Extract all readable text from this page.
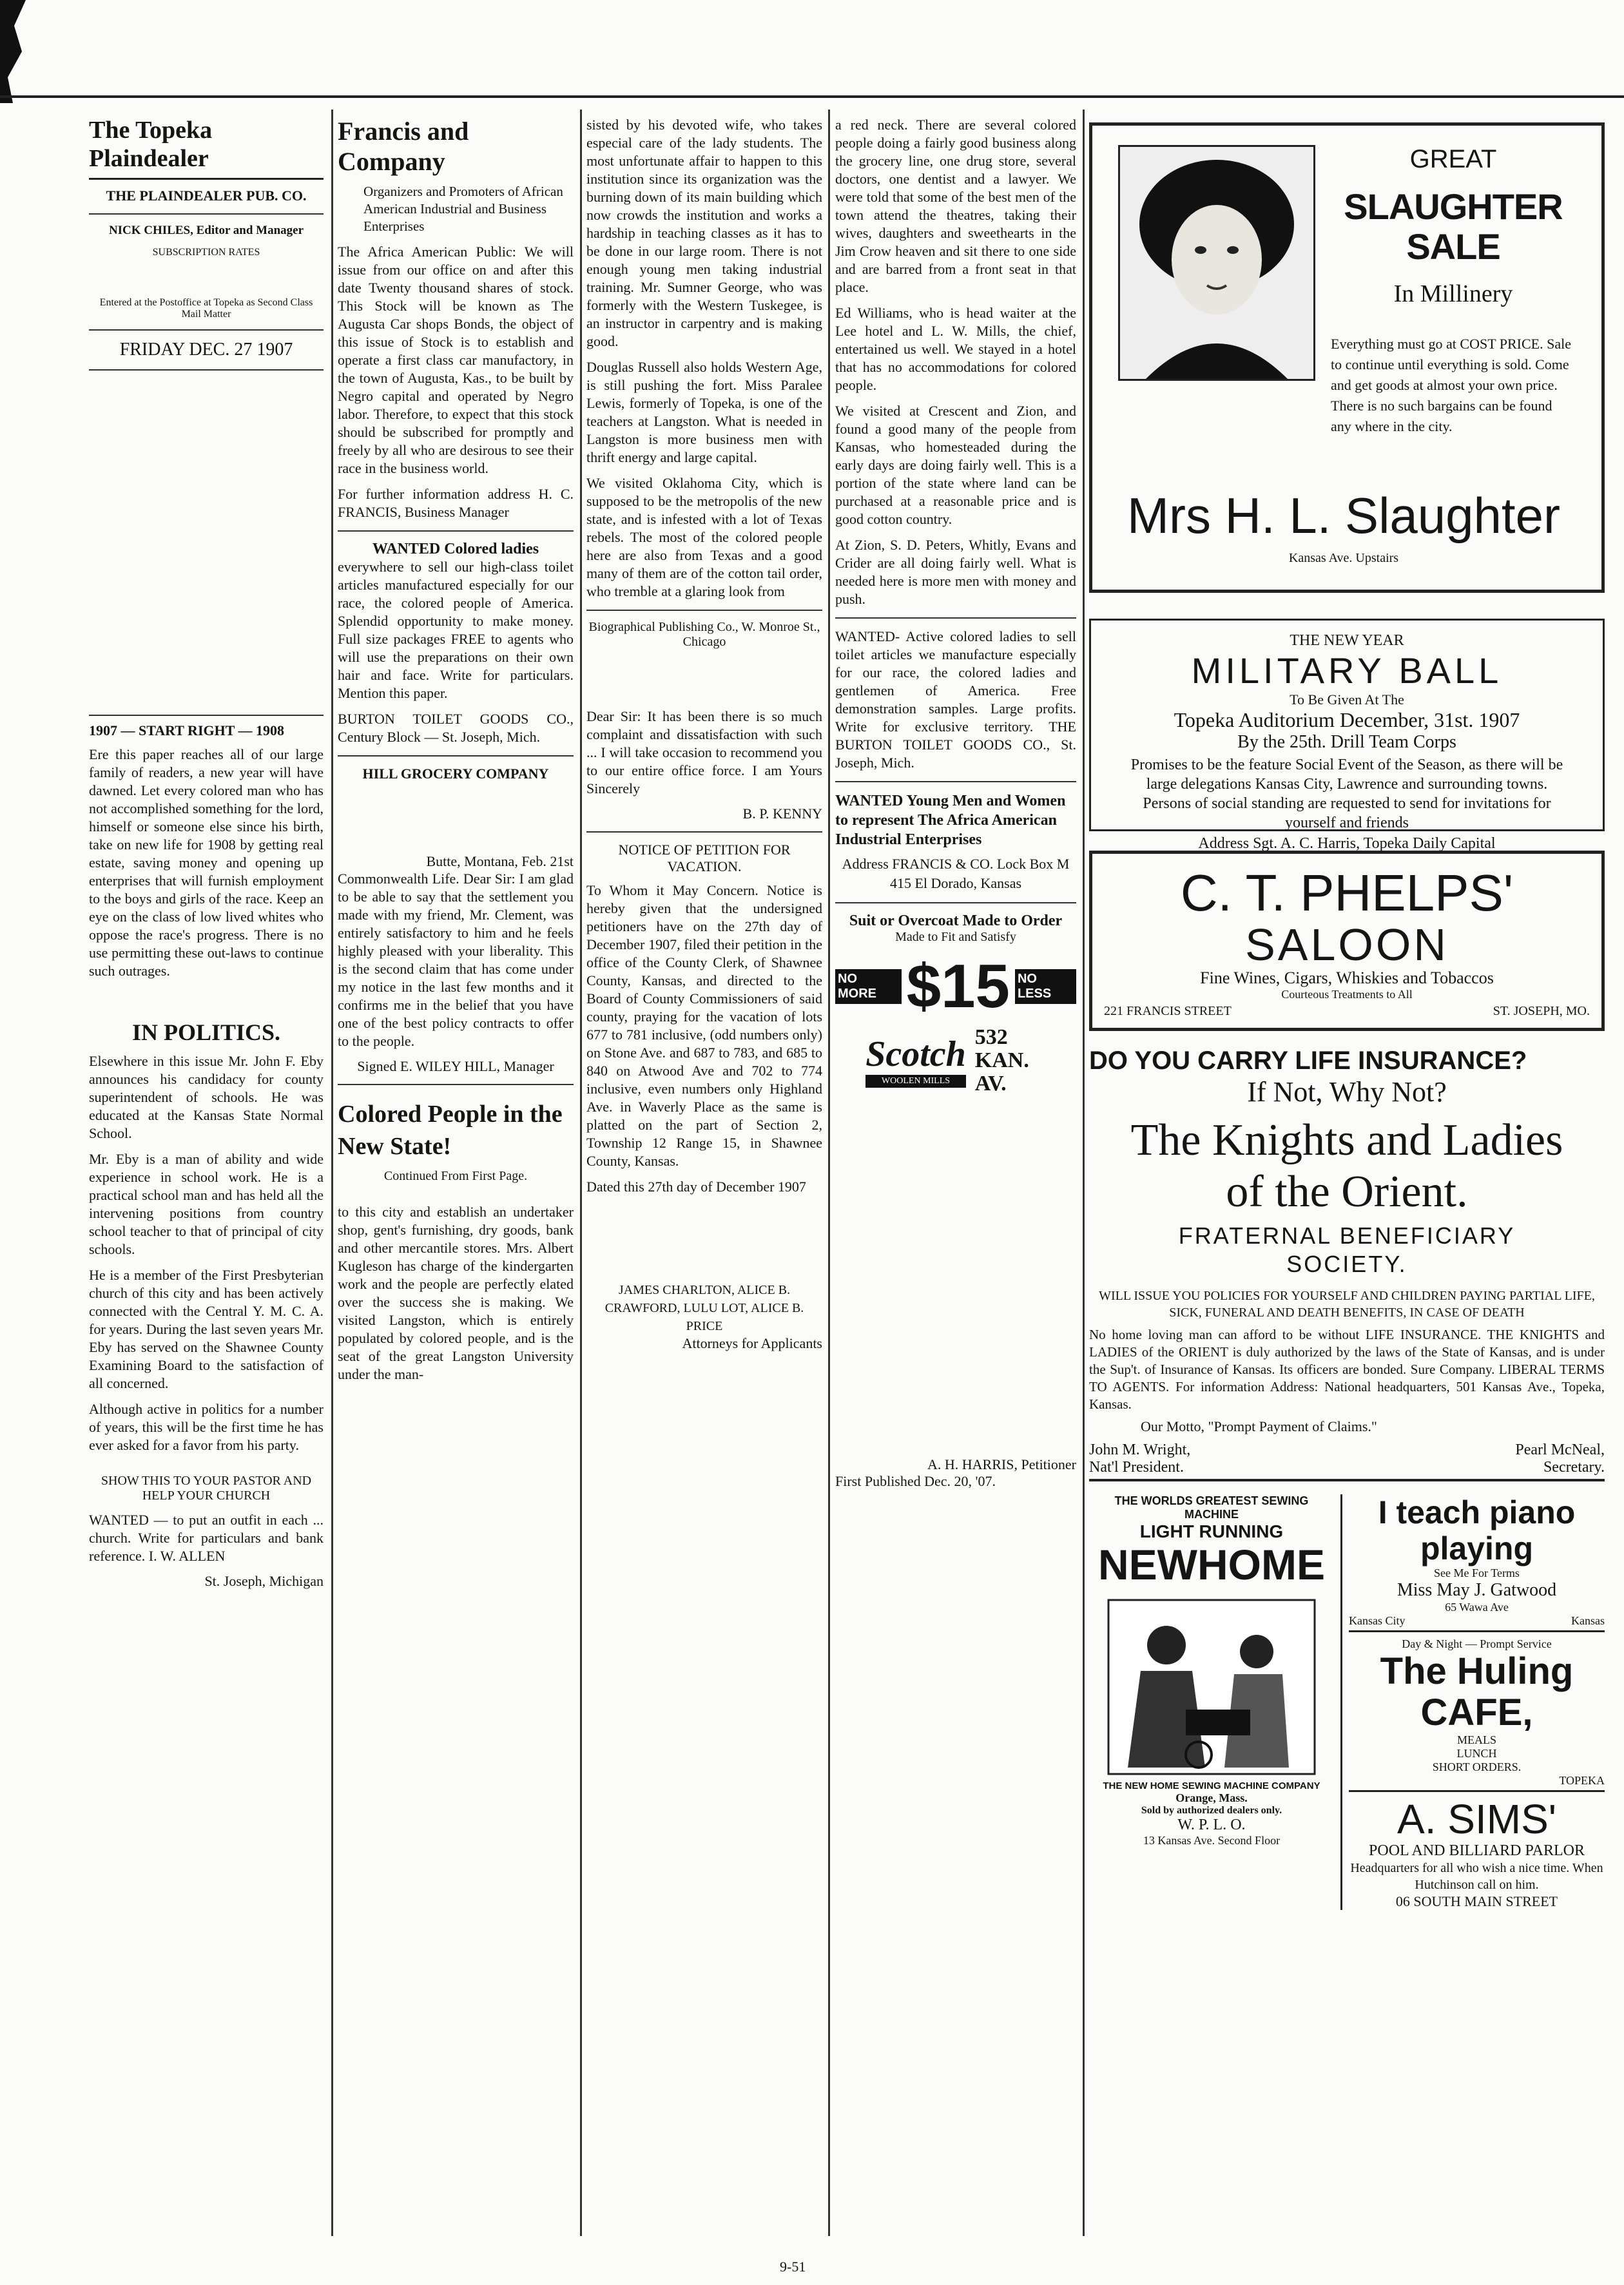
The Topeka Plaindealer
THE PLAINDEALER PUB. CO.
NICK CHILES, Editor and Manager
SUBSCRIPTION RATES
Entered at the Postoffice at Topeka as Second Class Mail Matter
FRIDAY DEC. 27 1907
1907 — START RIGHT — 1908

Ere this paper reaches all of our large family of readers, a new year will have dawned. Let every colored man who has not accomplished something for the lord, himself or someone else since his birth, take on new life for 1908 by getting real estate, saving money and opening up enterprises that will furnish employment to the boys and girls of the race. Keep an eye on the class of low lived whites who oppose the race's progress. There is no use permitting these out-laws to continue such outrages.

IN POLITICS.

Elsewhere in this issue Mr. John F. Eby announces his candidacy for county superintendent of schools. He was educated at the Kansas State Normal School.

Mr. Eby is a man of ability and wide experience in school work. He is a practical school man and has held all the intervening positions from country school teacher to that of principal of city schools.

He is a member of the First Presbyterian church of this city and has been actively connected with the Central Y. M. C. A. for years. During the last seven years Mr. Eby has served on the Shawnee County Examining Board to the satisfaction of all concerned.

Although active in politics for a number of years, this will be the first time he has ever asked for a favor from his party.

SHOW THIS TO YOUR PASTOR AND HELP YOUR CHURCH

WANTED — to put an outfit in each ... church. Write for particulars and bank reference. I. W. ALLEN

St. Joseph, Michigan
Francis and Company
Organizers and Promoters of African American Industrial and Business Enterprises

The Africa American Public: We will issue from our office on and after this date Twenty thousand shares of stock. This Stock will be known as The Augusta Car shops Bonds, the object of this issue of Stock is to establish and operate a first class car manufactory, in the town of Augusta, Kas., to be built by Negro capital and operated by Negro labor. Therefore, to expect that this stock should be subscribed for promptly and freely by all who are desirous to see their race in the business world.

For further information address H. C. FRANCIS, Business Manager

WANTED Colored ladies

everywhere to sell our high-class toilet articles manufactured especially for our race, the colored people of America. Splendid opportunity to make money. Full size packages FREE to agents who will use the preparations on their own hair and face. Write for particulars. Mention this paper.

BURTON TOILET GOODS CO., Century Block — St. Joseph, Mich.

HILL GROCERY COMPANY
Butte, Montana, Feb. 21st

Commonwealth Life. Dear Sir: I am glad to be able to say that the settlement you made with my friend, Mr. Clement, was entirely satisfactory to him and he feels highly pleased with your liberality. This is the second claim that has come under my notice in the last few months and it confirms me in the belief that you have one of the best policy contracts to offer to the people.

Signed E. WILEY HILL, Manager
Colored People in the New State!
Continued From First Page.

to this city and establish an undertaker shop, gent's furnishing, dry goods, bank and other mercantile stores. Mrs. Albert Kugleson has charge of the kindergarten work and the people are perfectly elated over the success she is making. We visited Langston, which is entirely populated by colored people, and is the seat of the great Langston University under the man-

sisted by his devoted wife, who takes especial care of the lady students. The most unfortunate affair to happen to this institution since its organization was the burning down of its main building which now crowds the institution and works a hardship in teaching classes as it has to be done in our large room. There is not enough young men taking industrial training. Mr. Sumner George, who was formerly with the Western Tuskegee, is an instructor in carpentry and is making good.

Douglas Russell also holds Western Age, is still pushing the fort. Miss Paralee Lewis, formerly of Topeka, is one of the teachers at Langston. What is needed in Langston is more business men with thrift energy and large capital.

We visited Oklahoma City, which is supposed to be the metropolis of the new state, and is infested with a lot of Texas rebels. The most of the colored people here are also from Texas and a good many of them are of the cotton tail order, who tremble at a glaring look from

Biographical Publishing Co., W. Monroe St., Chicago

Dear Sir: It has been there is so much complaint and dissatisfaction with such ... I will take occasion to recommend you to our entire office force. I am Yours Sincerely

B. P. KENNY
NOTICE OF PETITION FOR VACATION.

To Whom it May Concern. Notice is hereby given that the undersigned petitioners have on the 27th day of December 1907, filed their petition in the office of the County Clerk, of Shawnee County, Kansas, and directed to the Board of County Commissioners of said county, praying for the vacation of lots 677 to 781 inclusive, (odd numbers only) on Stone Ave. and 687 to 783, and 685 to 840 on Atwood Ave and 702 to 774 inclusive, even numbers only Highland Ave. in Waverly Place as the same is platted on the part of Section 2, Township 12 Range 15, in Shawnee County, Kansas.

Dated this 27th day of December 1907

JAMES CHARLTON, ALICE B. CRAWFORD, LULU LOT, ALICE B. PRICE
Attorneys for Applicants

a red neck. There are several colored people doing a fairly good business along the grocery line, one drug store, several doctors, one dentist and a lawyer. We were told that some of the best men of the town attend the theatres, taking their wives, daughters and sweethearts in the Jim Crow heaven and sit there to one side and are barred from a front seat in that place.

Ed Williams, who is head waiter at the Lee hotel and L. W. Mills, the chief, entertained us well. We stayed in a hotel that has no accommodations for colored people.

We visited at Crescent and Zion, and found a good many of the people from Kansas, who homesteaded during the early days are doing fairly well. This is a portion of the state where land can be purchased at a reasonable price and is good cotton country.

At Zion, S. D. Peters, Whitly, Evans and Crider are all doing fairly well. What is needed here is more men with money and push.

WANTED- Active colored ladies to sell toilet articles we manufacture especially for our race, the colored ladies and gentlemen of America. Free demonstration samples. Large profits. Write for exclusive territory. THE BURTON TOILET GOODS CO., St. Joseph, Mich.

WANTED Young Men and Women to represent The Africa American Industrial Enterprises
Address FRANCIS & CO. Lock Box M 415 El Dorado, Kansas
Suit or Overcoat Made to Order
Made to Fit and Satisfy
NO MORE $15 NO LESS
Scotch
WOOLEN MILLS
532 KAN. AV.
A. H. HARRIS, Petitioner
First Published Dec. 20, '07.
GREAT
SLAUGHTER SALE
In Millinery

Everything must go at COST PRICE. Sale to continue until everything is sold. Come and get goods at almost your own price. There is no such bargains can be found any where in the city.

Mrs H. L. Slaughter
Kansas Ave. Upstairs
THE NEW YEAR
MILITARY BALL
To Be Given At The
Topeka Auditorium December, 31st. 1907
By the 25th. Drill Team Corps
Promises to be the feature Social Event of the Season, as there will be large delegations Kansas City, Lawrence and surrounding towns. Persons of social standing are requested to send for invitations for yourself and friends
Address Sgt. A. C. Harris, Topeka Daily Capital
C. T. PHELPS'
SALOON
Fine Wines, Cigars, Whiskies and Tobaccos
Courteous Treatments to All
221 FRANCIS STREET	ST. JOSEPH, MO.
DO YOU CARRY LIFE INSURANCE?
If Not, Why Not?
The Knights and Ladies
of the Orient.
FRATERNAL BENEFICIARY SOCIETY.
WILL ISSUE YOU POLICIES FOR YOURSELF AND CHILDREN PAYING PARTIAL LIFE, SICK, FUNERAL AND DEATH BENEFITS, IN CASE OF DEATH
No home loving man can afford to be without LIFE INSURANCE. THE KNIGHTS and LADIES of the ORIENT is duly authorized by the laws of the State of Kansas, and is under the Sup't. of Insurance of Kansas. Its officers are bonded. Sure Company. LIBERAL TERMS TO AGENTS. For information Address: National headquarters, 501 Kansas Ave., Topeka, Kansas.
Our Motto, "Prompt Payment of Claims."
John M. Wright,	Pearl McNeal,
Nat'l President.	Secretary.
THE WORLDS GREATEST SEWING MACHINE
LIGHT RUNNING
NEWHOME
THE NEW HOME SEWING MACHINE COMPANY
Orange, Mass.
Sold by authorized dealers only.
W. P. L. O.
13 Kansas Ave. Second Floor
I teach piano playing
See Me For Terms
Miss May J. Gatwood
65 Wawa Ave
Kansas City	Kansas
Day & Night — Prompt Service
The Huling
CAFE,
MEALS
LUNCH
SHORT ORDERS.
TOPEKA
A. SIMS'
POOL AND BILLIARD PARLOR
Headquarters for all who wish a nice time. When Hutchinson call on him.
06 SOUTH MAIN STREET
9-51
